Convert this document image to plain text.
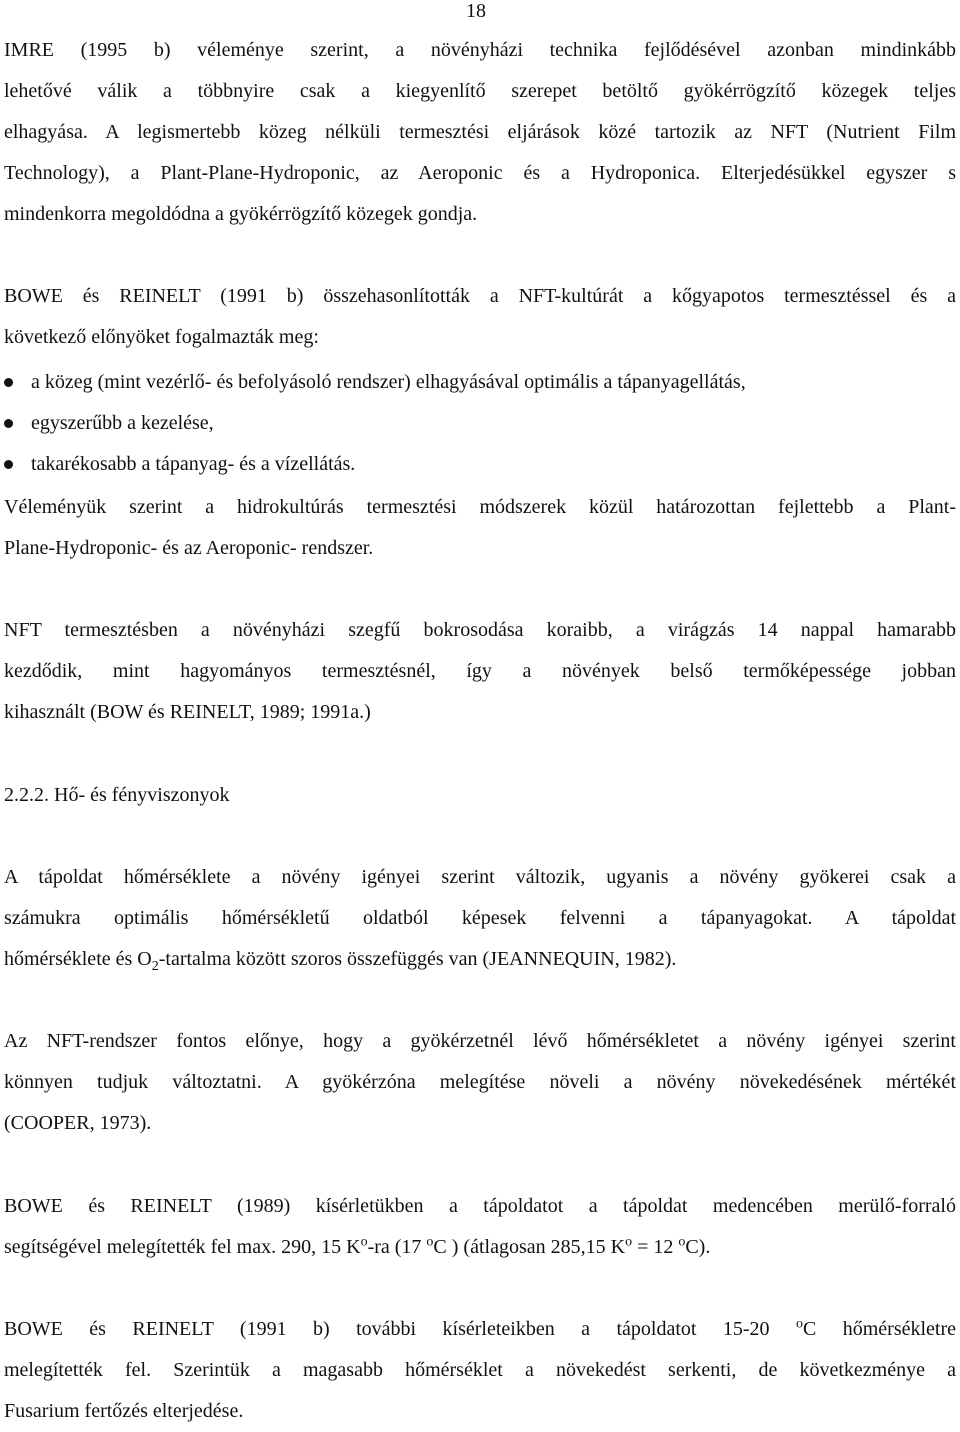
18
IMRE (1995 b) véleménye szerint, a növényházi technika fejlődésével azonban mindinkább
lehetővé válik a többnyire csak a kiegyenlítő szerepet betöltő gyökérrögzítő közegek teljes
elhagyása. A legismertebb közeg nélküli termesztési eljárások közé tartozik az NFT (Nutrient Film
Technology), a Plant-Plane-Hydroponic, az Aeroponic és a Hydroponica. Elterjedésükkel egyszer s
mindenkorra megoldódna a gyökérrögzítő közegek gondja.
BOWE és REINELT (1991 b) összehasonlították a NFT-kultúrát a kőgyapotos termesztéssel és a
következő előnyöket fogalmazták meg:
a közeg (mint vezérlő- és befolyásoló rendszer) elhagyásával optimális a tápanyagellátás,
egyszerűbb a kezelése,
takarékosabb a tápanyag- és a vízellátás.
Véleményük szerint a hidrokultúrás termesztési módszerek közül határozottan fejlettebb a Plant-
Plane-Hydroponic- és az Aeroponic- rendszer.
NFT termesztésben a növényházi szegfű bokrosodása koraibb, a virágzás 14 nappal hamarabb
kezdődik, mint hagyományos termesztésnél, így a növények belső termőképessége jobban
kihasznált (BOW és REINELT, 1989; 1991a.)
2.2.2. Hő- és fényviszonyok
A tápoldat hőmérséklete a növény igényei szerint változik, ugyanis a növény gyökerei csak a
számukra optimális hőmérsékletű oldatból képesek felvenni a tápanyagokat. A tápoldat
hőmérséklete és $O_2$-tartalma között szoros összefüggés van (JEANNEQUIN, 1982).
Az NFT-rendszer fontos előnye, hogy a gyökérzetnél lévő hőmérsékletet a növény igényei szerint
könnyen tudjuk változtatni. A gyökérzóna melegítése növeli a növény növekedésének mértékét
(COOPER, 1973).
BOWE és REINELT (1989) kísérletükben a tápoldatot a tápoldat medencében merülő-forraló
segítségével melegítették fel max. 290, 15 $K^o-ra$ (17 $^o$C ) (átlagosan 285,15 $K^o = 12$ $^o$C).
BOWE és REINELT (1991 b) további kísérleteikben a tápoldatot 15-20 $^o$C hőmérsékletre
melegítették fel. Szerintük a magasabb hőmérséklet a növekedést serkenti, de következménye a
Fusarium fertőzés elterjedése.
